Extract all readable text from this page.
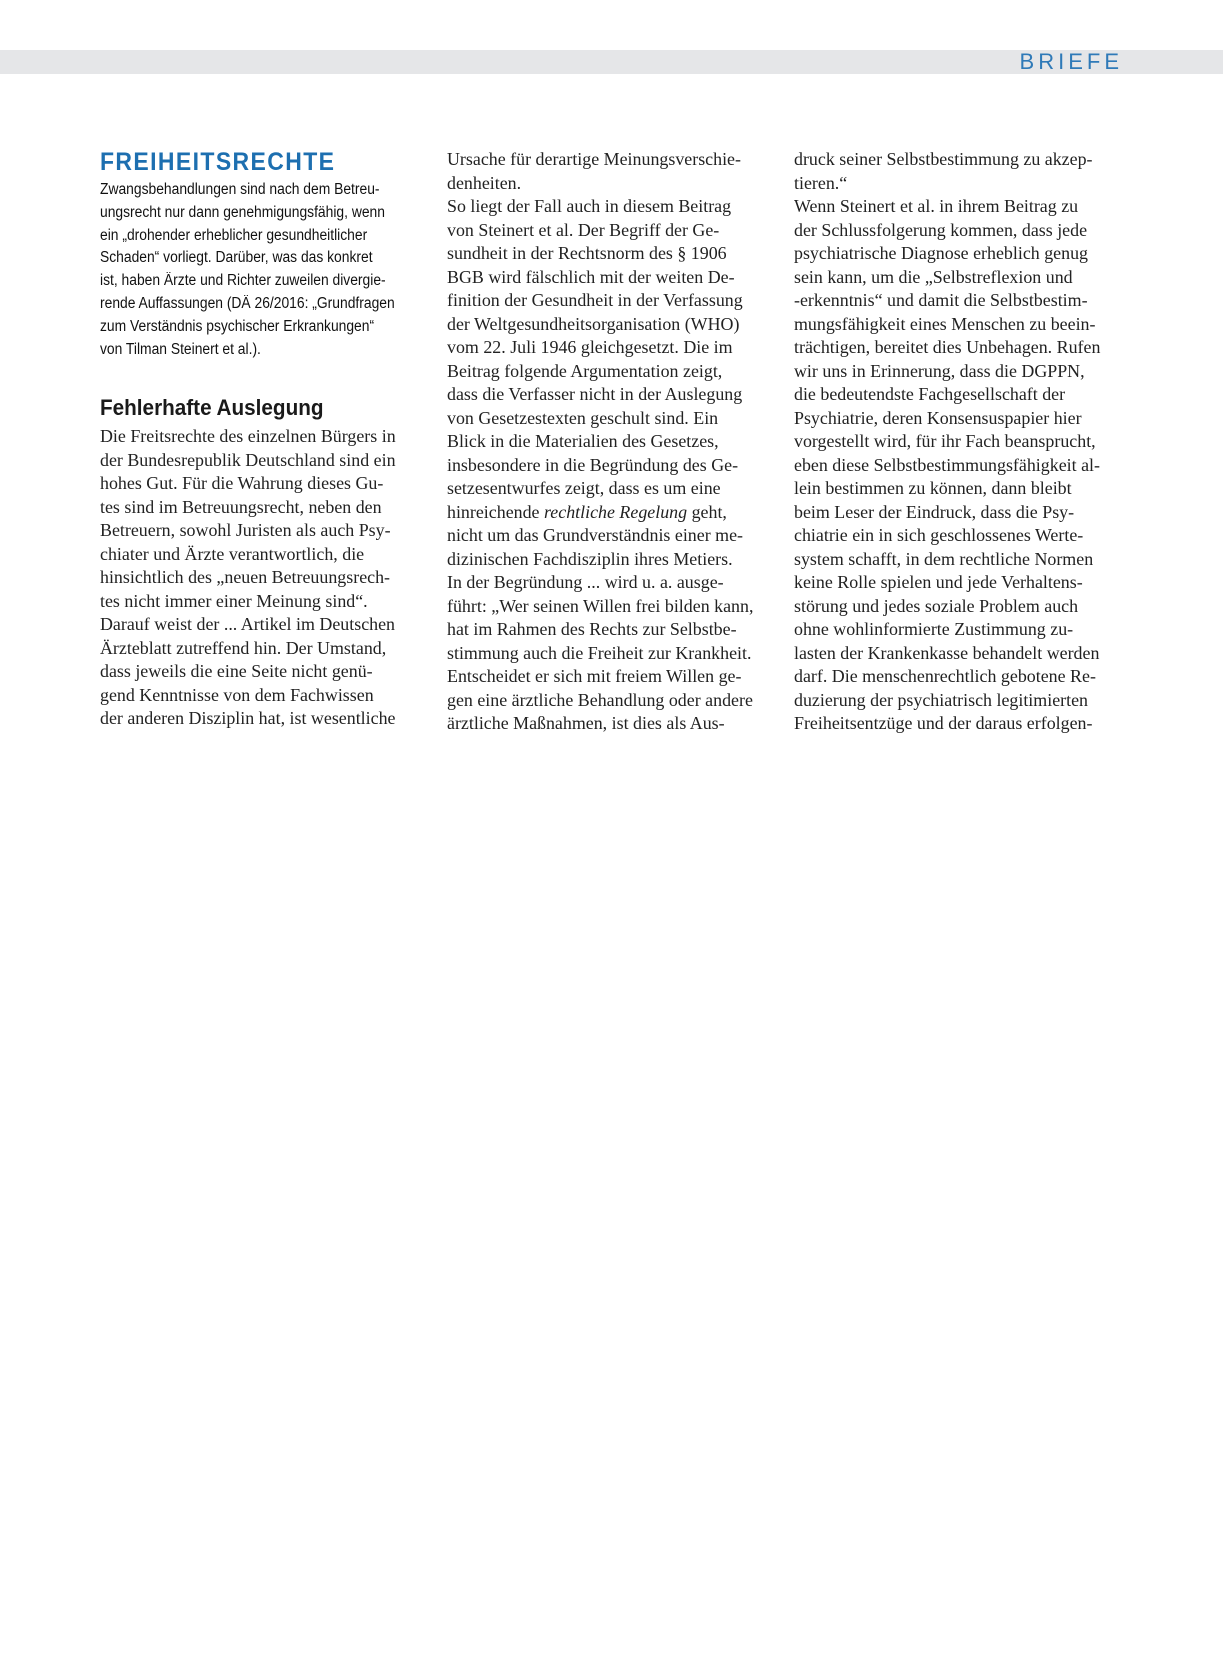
BRIEFE
FREIHEITSRECHTE
Zwangsbehandlungen sind nach dem Betreu-
ungsrecht nur dann genehmigungsfähig, wenn
ein „drohender erheblicher gesundheitlicher
Schaden“ vorliegt. Darüber, was das konkret
ist, haben Ärzte und Richter zuweilen divergie-
rende Auffassungen (DÄ 26/2016: „Grundfragen
zum Verständnis psychischer Erkrankungen“
von Tilman Steinert et al.).
Fehlerhafte Auslegung
Die Freitsrechte des einzelnen Bürgers in
der Bundesrepublik Deutschland sind ein
hohes Gut. Für die Wahrung dieses Gu-
tes sind im Betreuungsrecht, neben den
Betreuern, sowohl Juristen als auch Psy-
chiater und Ärzte verantwortlich, die
hinsichtlich des „neuen Betreuungsrech-
tes nicht immer einer Meinung sind“.
Darauf weist der ... Artikel im Deutschen
Ärzteblatt zutreffend hin. Der Umstand,
dass jeweils die eine Seite nicht genü-
gend Kenntnisse von dem Fachwissen
der anderen Disziplin hat, ist wesentliche
Ursache für derartige Meinungsverschie-
denheiten.
So liegt der Fall auch in diesem Beitrag
von Steinert et al. Der Begriff der Ge-
sundheit in der Rechtsnorm des § 1906
BGB wird fälschlich mit der weiten De-
finition der Gesundheit in der Verfassung
der Weltgesundheitsorganisation (WHO)
vom 22. Juli 1946 gleichgesetzt. Die im
Beitrag folgende Argumentation zeigt,
dass die Verfasser nicht in der Auslegung
von Gesetzestexten geschult sind. Ein
Blick in die Materialien des Gesetzes,
insbesondere in die Begründung des Ge-
setzesentwurfes zeigt, dass es um eine
hinreichende rechtliche Regelung geht,
nicht um das Grundverständnis einer me-
dizinischen Fachdisziplin ihres Metiers.
In der Begründung ... wird u. a. ausge-
führt: „Wer seinen Willen frei bilden kann,
hat im Rahmen des Rechts zur Selbstbe-
stimmung auch die Freiheit zur Krankheit.
Entscheidet er sich mit freiem Willen ge-
gen eine ärztliche Behandlung oder andere
ärztliche Maßnahmen, ist dies als Aus-
druck seiner Selbstbestimmung zu akzep-
tieren.“
Wenn Steinert et al. in ihrem Beitrag zu
der Schlussfolgerung kommen, dass jede
psychiatrische Diagnose erheblich genug
sein kann, um die „Selbstreflexion und
-erkenntnis“ und damit die Selbstbestim-
mungsfähigkeit eines Menschen zu beein-
trächtigen, bereitet dies Unbehagen. Rufen
wir uns in Erinnerung, dass die DGPPN,
die bedeutendste Fachgesellschaft der
Psychiatrie, deren Konsensuspapier hier
vorgestellt wird, für ihr Fach beansprucht,
eben diese Selbstbestimmungsfähigkeit al-
lein bestimmen zu können, dann bleibt
beim Leser der Eindruck, dass die Psy-
chiatrie ein in sich geschlossenes Werte-
system schafft, in dem rechtliche Normen
keine Rolle spielen und jede Verhaltens-
störung und jedes soziale Problem auch
ohne wohlinformierte Zustimmung zu-
lasten der Krankenkasse behandelt werden
darf. Die menschenrechtlich gebotene Re-
duzierung der psychiatrisch legitimierten
Freiheitsentzüge und der daraus erfolgen-
